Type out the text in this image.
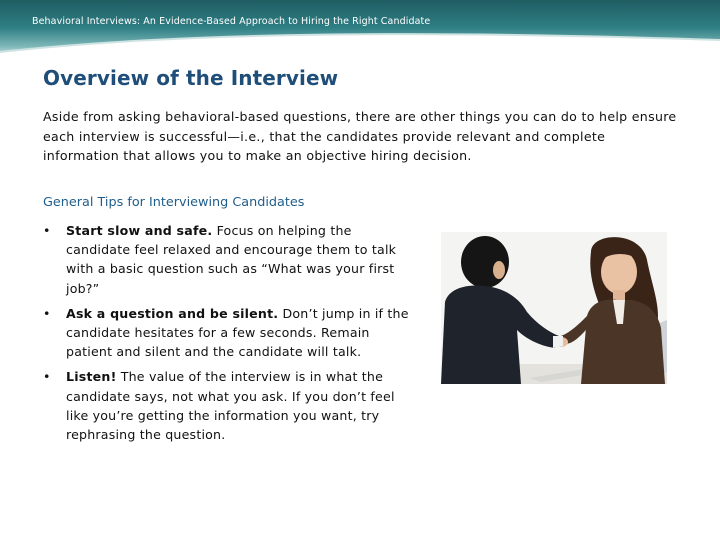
Behavioral Interviews: An Evidence-Based Approach to Hiring the Right Candidate
Overview of the Interview
Aside from asking behavioral-based questions, there are other things you can do to help ensure each interview is successful—i.e., that the candidates provide relevant and complete information that allows you to make an objective hiring decision.
General Tips for Interviewing Candidates
• Start slow and safe. Focus on helping the candidate feel relaxed and encourage them to talk with a basic question such as “What was your first job?”
• Ask a question and be silent. Don’t jump in if the candidate hesitates for a few seconds. Remain patient and silent and the candidate will talk.
• Listen! The value of the interview is in what the candidate says, not what you ask. If you don’t feel like you’re getting the information you want, try rephrasing the question.
